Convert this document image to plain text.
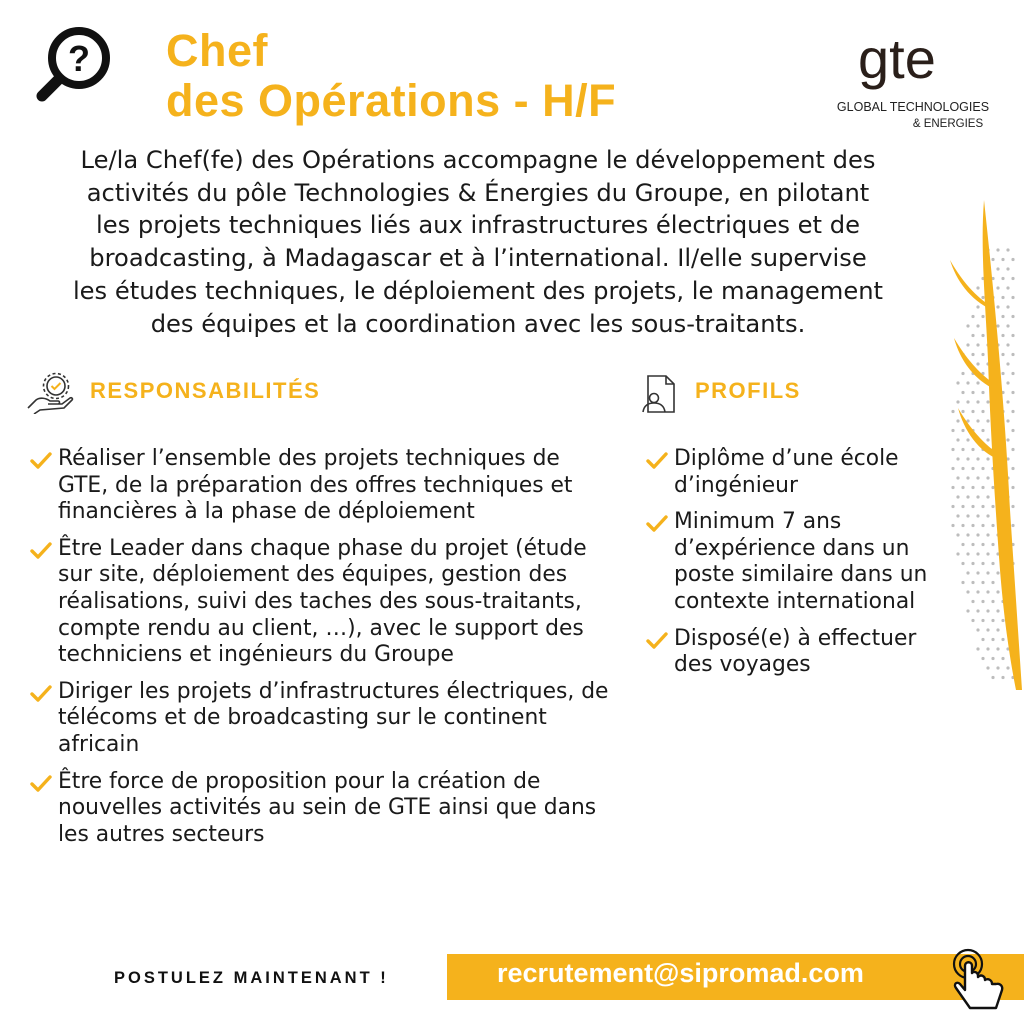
? Chef
des Opérations - H/F
gte
GLOBAL TECHNOLOGIES
& ENERGIES
Le/la Chef(fe) des Opérations accompagne le développement des
activités du pôle Technologies & Énergies du Groupe, en pilotant
les projets techniques liés aux infrastructures électriques et de
broadcasting, à Madagascar et à l’international. Il/elle supervise
les études techniques, le déploiement des projets, le management
des équipes et la coordination avec les sous-traitants.
RESPONSABILITÉS
Réaliser l’ensemble des projets techniques de GTE, de la préparation des offres techniques et financières à la phase de déploiement
Être Leader dans chaque phase du projet (étude sur site, déploiement des équipes, gestion des réalisations, suivi des taches des sous-traitants, compte rendu au client, …), avec le support des techniciens et ingénieurs du Groupe
Diriger les projets d’infrastructures électriques, de télécoms et de broadcasting sur le continent africain
Être force de proposition pour la création de nouvelles activités au sein de GTE ainsi que dans les autres secteurs
PROFILS
Diplôme d’une école d’ingénieur
Minimum 7 ans d’expérience dans un poste similaire dans un contexte international
Disposé(e) à effectuer des voyages
POSTULEZ MAINTENANT !	recrutement@sipromad.com
